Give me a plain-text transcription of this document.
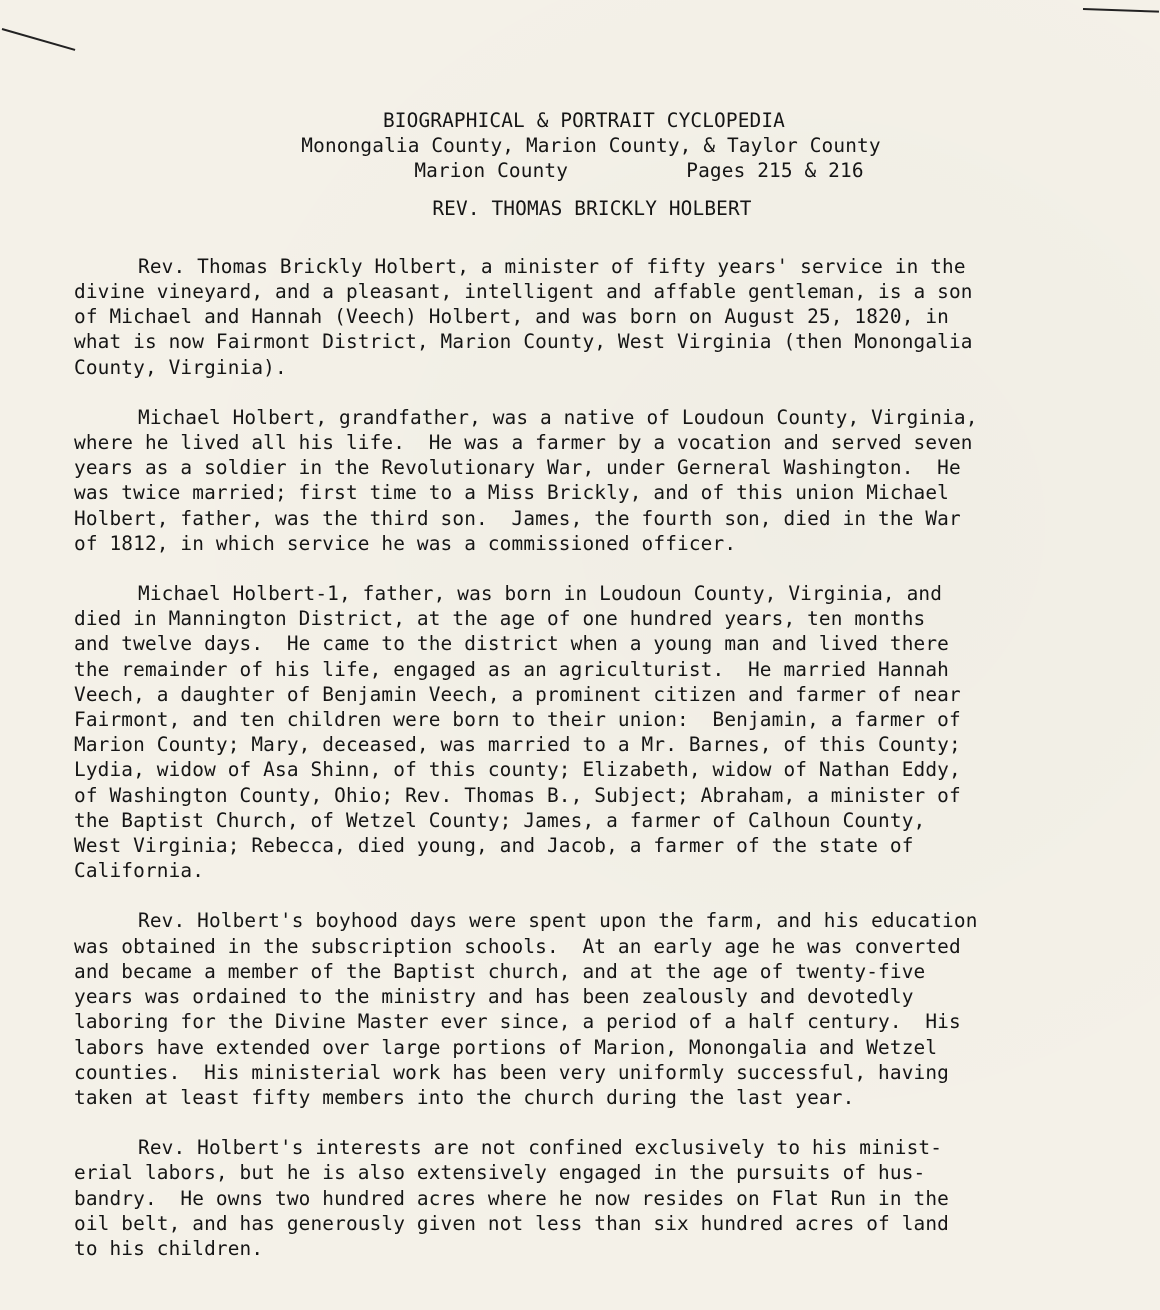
BIOGRAPHICAL & PORTRAIT CYCLOPEDIA
Monongalia County, Marion County, & Taylor County
Marion County          Pages 215 & 216
REV. THOMAS BRICKLY HOLBERT
Rev. Thomas Brickly Holbert, a minister of fifty years' service in the
divine vineyard, and a pleasant, intelligent and affable gentleman, is a son
of Michael and Hannah (Veech) Holbert, and was born on August 25, 1820, in
what is now Fairmont District, Marion County, West Virginia (then Monongalia
County, Virginia).
Michael Holbert, grandfather, was a native of Loudoun County, Virginia,
where he lived all his life.  He was a farmer by a vocation and served seven
years as a soldier in the Revolutionary War, under Gerneral Washington.  He
was twice married; first time to a Miss Brickly, and of this union Michael
Holbert, father, was the third son.  James, the fourth son, died in the War
of 1812, in which service he was a commissioned officer.
Michael Holbert-1, father, was born in Loudoun County, Virginia, and
died in Mannington District, at the age of one hundred years, ten months
and twelve days.  He came to the district when a young man and lived there
the remainder of his life, engaged as an agriculturist.  He married Hannah
Veech, a daughter of Benjamin Veech, a prominent citizen and farmer of near
Fairmont, and ten children were born to their union:  Benjamin, a farmer of
Marion County; Mary, deceased, was married to a Mr. Barnes, of this County;
Lydia, widow of Asa Shinn, of this county; Elizabeth, widow of Nathan Eddy,
of Washington County, Ohio; Rev. Thomas B., Subject; Abraham, a minister of
the Baptist Church, of Wetzel County; James, a farmer of Calhoun County,
West Virginia; Rebecca, died young, and Jacob, a farmer of the state of
California.
Rev. Holbert's boyhood days were spent upon the farm, and his education
was obtained in the subscription schools.  At an early age he was converted
and became a member of the Baptist church, and at the age of twenty-five
years was ordained to the ministry and has been zealously and devotedly
laboring for the Divine Master ever since, a period of a half century.  His
labors have extended over large portions of Marion, Monongalia and Wetzel
counties.  His ministerial work has been very uniformly successful, having
taken at least fifty members into the church during the last year.
Rev. Holbert's interests are not confined exclusively to his minist-
erial labors, but he is also extensively engaged in the pursuits of hus-
bandry.  He owns two hundred acres where he now resides on Flat Run in the
oil belt, and has generously given not less than six hundred acres of land
to his children.
